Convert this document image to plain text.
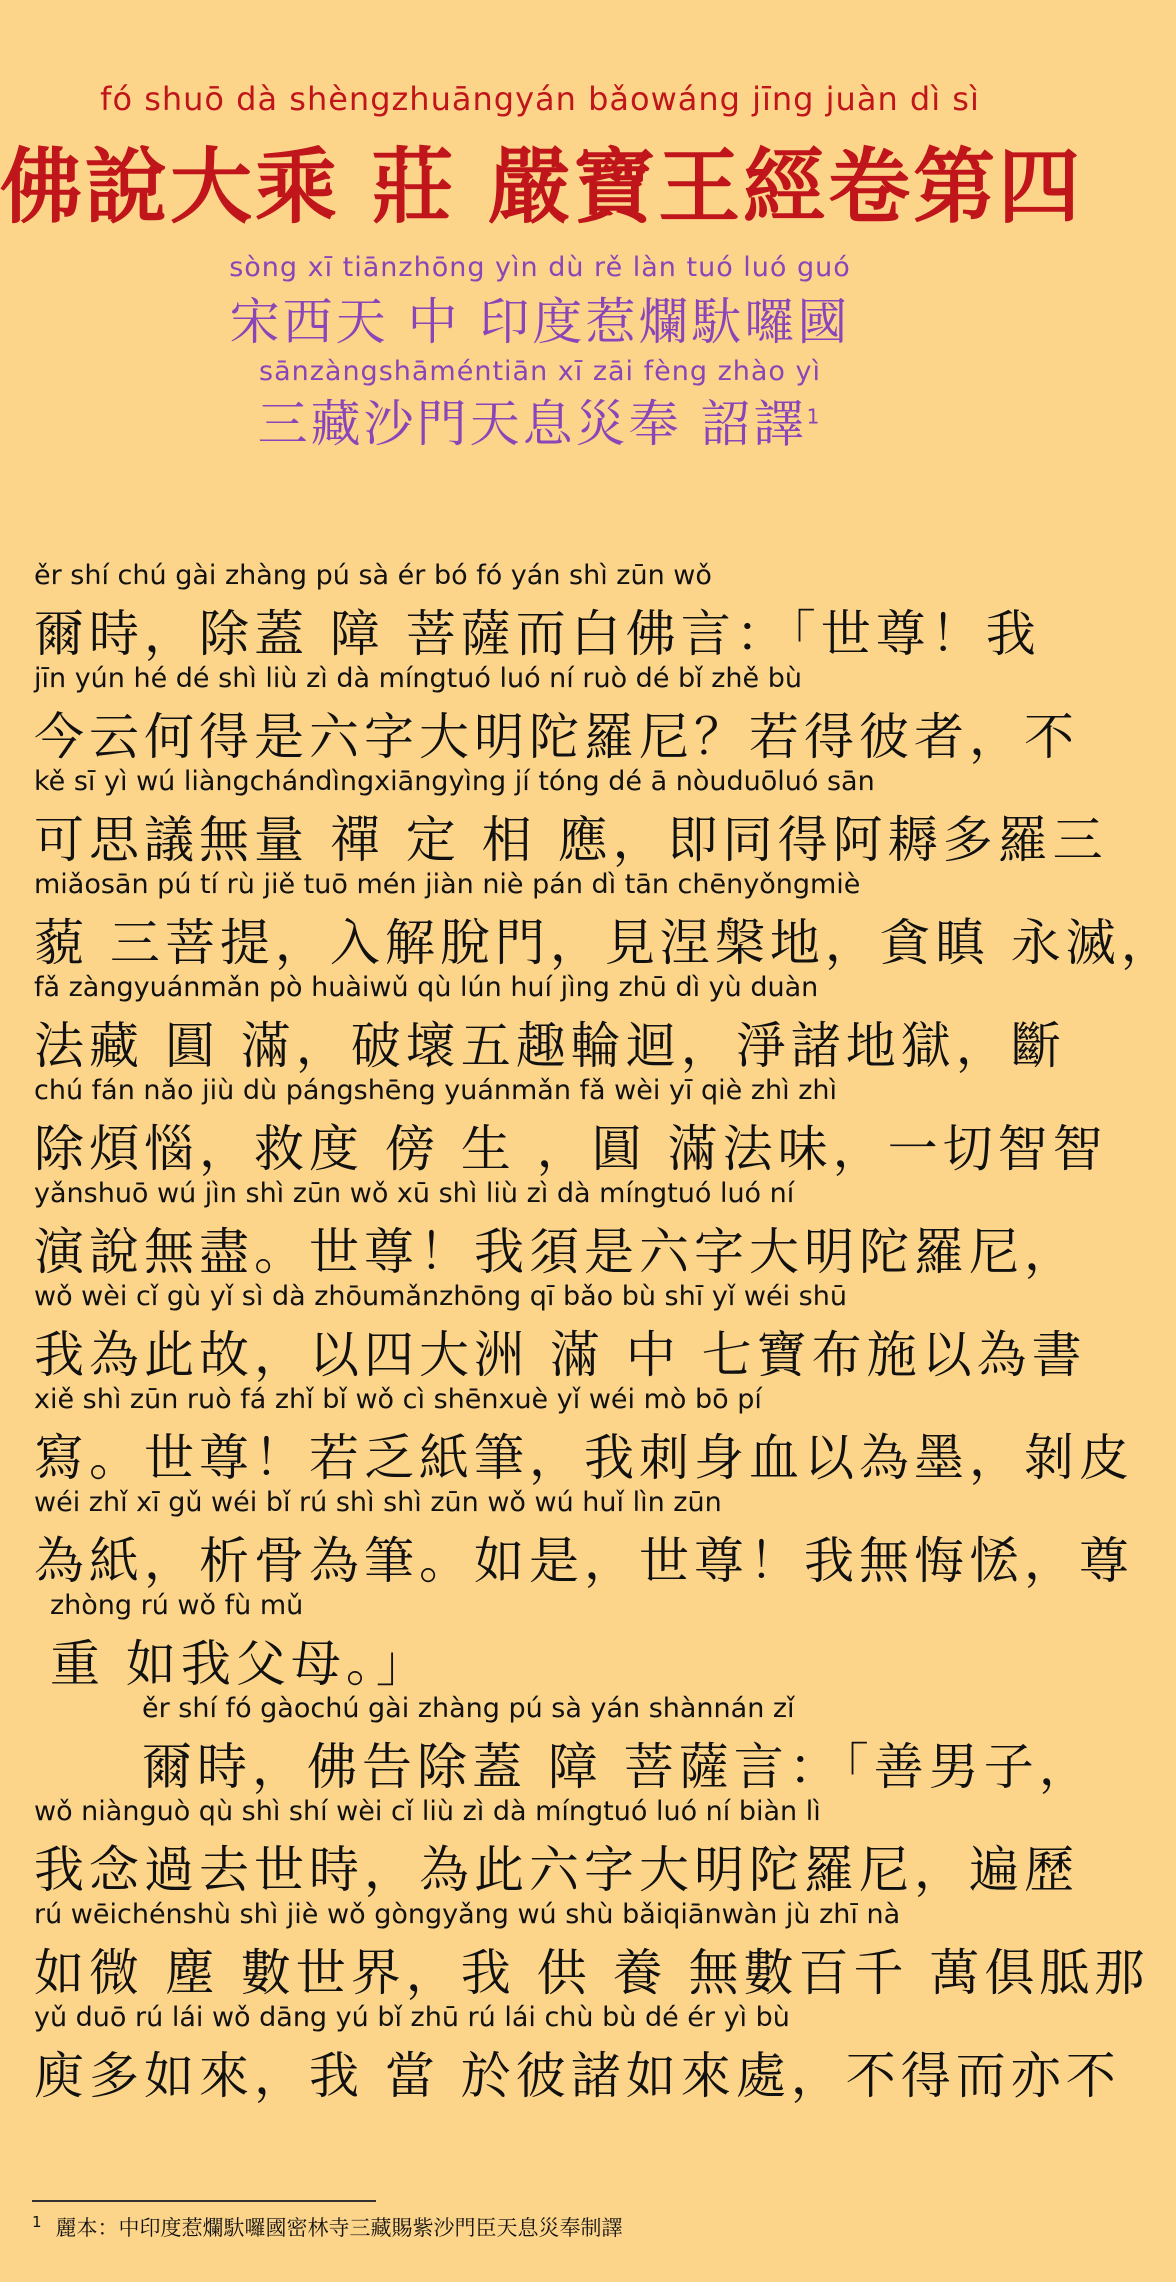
fó shuō dà shèngzhuāngyán bǎowáng jīng juàn dì sì
佛說大乘 莊 嚴寶王經卷第四
sòng xī tiānzhōng yìn dù rě làn tuó luó guó
宋西天 中 印度惹爛馱囉國
sānzàngshāméntiān xī zāi fèng zhào yì
三藏沙門天息災奉 詔譯$^1$
ěr shí chú gài zhàng pú sà ér bó fó yán shì zūn wǒ
爾時，除蓋 障 菩薩而白佛言：「世尊！我
jīn yún hé dé shì liù zì dà míngtuó luó ní ruò dé bǐ zhě bù
今云何得是六字大明陀羅尼？若得彼者，不
kě sī yì wú liàngchándìngxiāngyìng jí tóng dé ā nòuduōluó sān
可思議無量 禪 定 相 應，即同得阿耨多羅三
miǎosān pú tí rù jiě tuō mén jiàn niè pán dì tān chēnyǒngmiè
藐 三菩提，入解脫門，見涅槃地，貪瞋 永滅，
fǎ zàngyuánmǎn pò huàiwǔ qù lún huí jìng zhū dì yù duàn
法藏 圓 滿，破壞五趣輪迴，淨諸地獄，斷
chú fán nǎo jiù dù pángshēng yuánmǎn fǎ wèi yī qiè zhì zhì
除煩惱，救度 傍 生 ，圓 滿法味，一切智智
yǎnshuō wú jìn shì zūn wǒ xū shì liù zì dà míngtuó luó ní
演說無盡。世尊！我須是六字大明陀羅尼，
wǒ wèi cǐ gù yǐ sì dà zhōumǎnzhōng qī bǎo bù shī yǐ wéi shū
我為此故，以四大洲 滿 中 七寶布施以為書
xiě shì zūn ruò fá zhǐ bǐ wǒ cì shēnxuè yǐ wéi mò bō pí
寫。世尊！若乏紙筆，我刺身血以為墨，剝皮
wéi zhǐ xī gǔ wéi bǐ rú shì shì zūn wǒ wú huǐ lìn zūn
為紙，析骨為筆。如是，世尊！我無悔恡，尊
zhòng rú wǒ fù mǔ
重 如我父母。」
ěr shí fó gàochú gài zhàng pú sà yán shànnán zǐ
爾時，佛告除蓋 障 菩薩言：「善男子，
wǒ niànguò qù shì shí wèi cǐ liù zì dà míngtuó luó ní biàn lì
我念過去世時，為此六字大明陀羅尼，遍歷
rú wēichénshù shì jiè wǒ gòngyǎng wú shù bǎiqiānwàn jù zhī nà
如微 塵 數世界，我 供 養 無數百千 萬俱胝那
yǔ duō rú lái wǒ dāng yú bǐ zhū rú lái chù bù dé ér yì bù
庾多如來，我 當 於彼諸如來處，不得而亦不
$^1$ 麗本：中印度惹爛馱囉國密林寺三藏賜紫沙門臣天息災奉制譯
